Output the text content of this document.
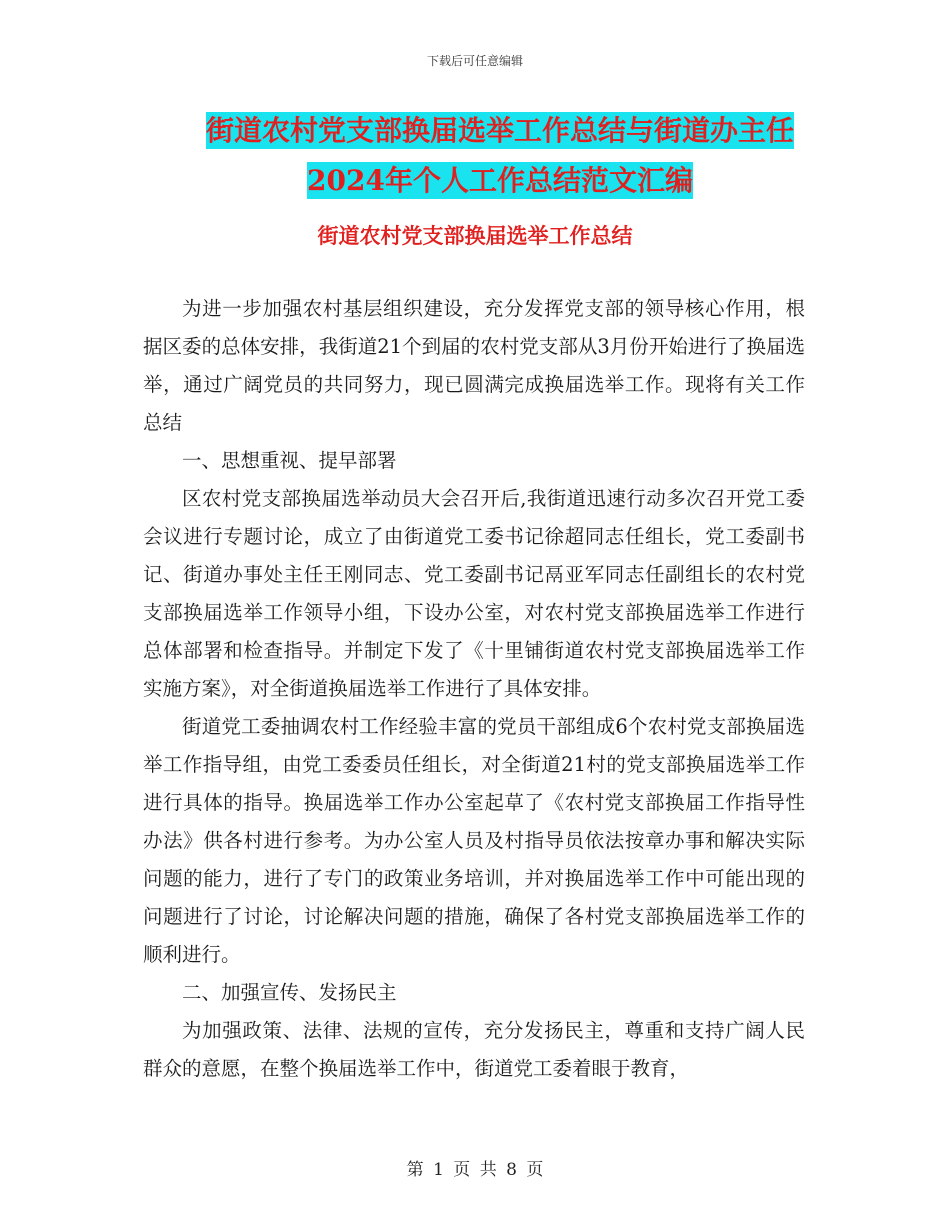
下载后可任意编辑
街道农村党支部换届选举工作总结与街道办主任2024年个人工作总结范文汇编
街道农村党支部换届选举工作总结

为进一步加强农村基层组织建设，充分发挥党支部的领导核心作用，根据区委的总体安排，我街道21个到届的农村党支部从3月份开始进行了换届选举，通过广阔党员的共同努力，现已圆满完成换届选举工作。现将有关工作总结

一、思想重视、提早部署

区农村党支部换届选举动员大会召开后,我街道迅速行动多次召开党工委会议进行专题讨论，成立了由街道党工委书记徐超同志任组长，党工委副书记、街道办事处主任王刚同志、党工委副书记鬲亚军同志任副组长的农村党支部换届选举工作领导小组，下设办公室，对农村党支部换届选举工作进行总体部署和检查指导。并制定下发了《十里铺街道农村党支部换届选举工作实施方案》，对全街道换届选举工作进行了具体安排。

街道党工委抽调农村工作经验丰富的党员干部组成6个农村党支部换届选举工作指导组，由党工委委员任组长，对全街道21村的党支部换届选举工作进行具体的指导。换届选举工作办公室起草了《农村党支部换届工作指导性办法》供各村进行参考。为办公室人员及村指导员依法按章办事和解决实际问题的能力，进行了专门的政策业务培训，并对换届选举工作中可能出现的问题进行了讨论，讨论解决问题的措施，确保了各村党支部换届选举工作的顺利进行。

二、加强宣传、发扬民主

为加强政策、法律、法规的宣传，充分发扬民主，尊重和支持广阔人民群众的意愿，在整个换届选举工作中，街道党工委着眼于教育，

第 1 页 共 8 页
